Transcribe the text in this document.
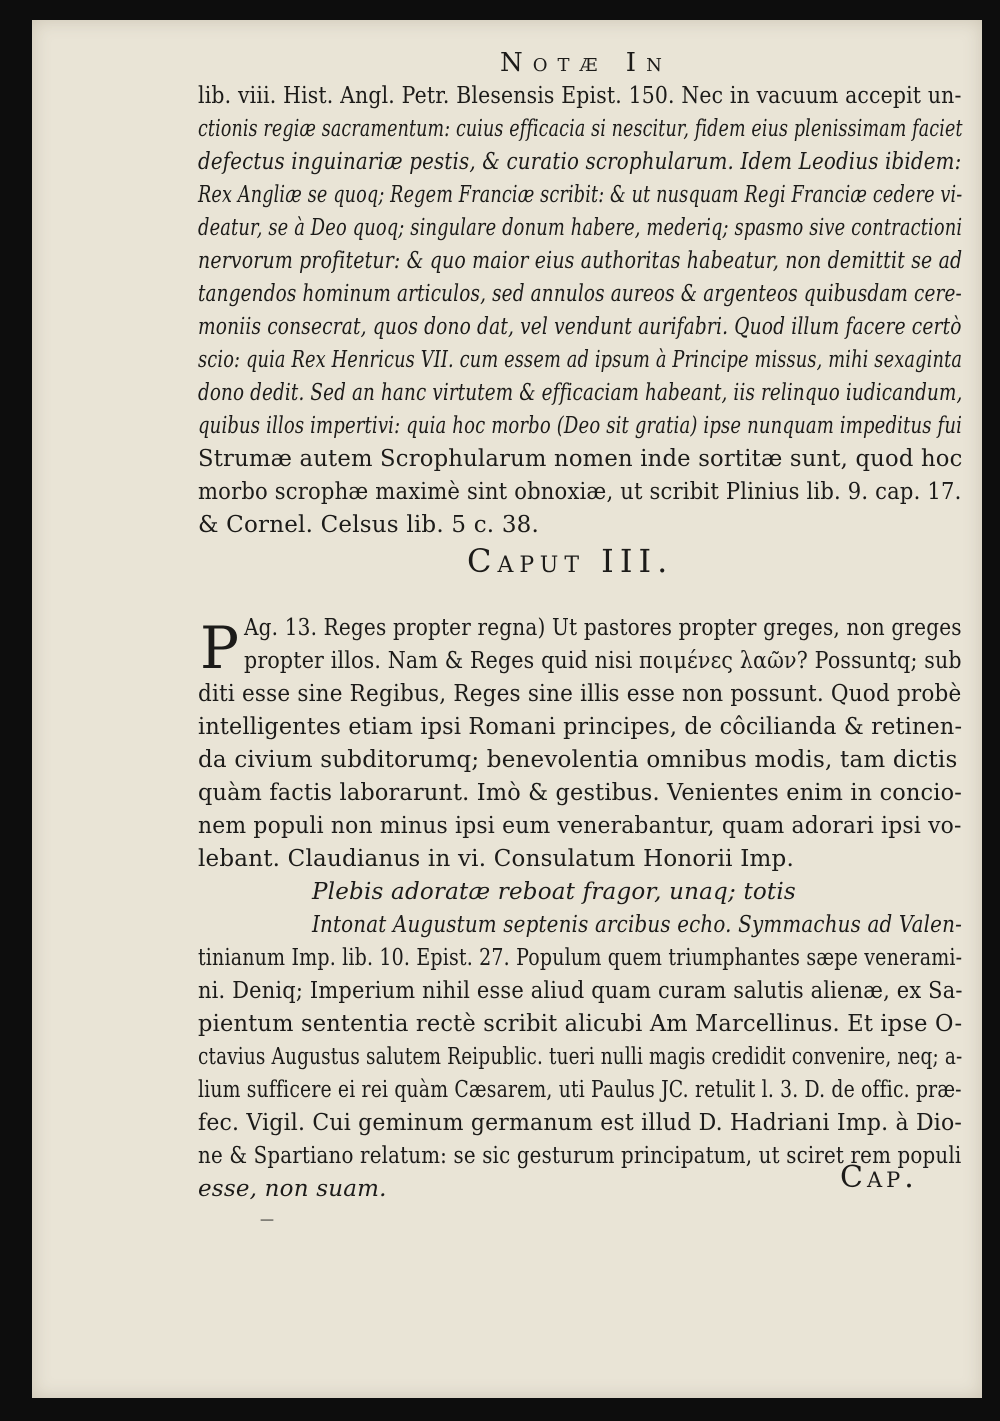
Notæ In
lib. viii. Hist. Angl. Petr. Blesensis Epist. 150. Nec in vacuum accepit un-
ctionis regiæ sacramentum: cuius efficacia si nescitur, fidem eius plenissimam faciet
defectus inguinariæ pestis, & curatio scrophularum. Idem Leodius ibidem:
Rex Angliæ se quoq; Regem Franciæ scribit: & ut nusquam Regi Franciæ cedere vi-
deatur, se à Deo quoq; singulare donum habere, mederiq; spasmo sive contractioni
nervorum profitetur: & quo maior eius authoritas habeatur, non demittit se ad
tangendos hominum articulos, sed annulos aureos & argenteos quibusdam cere-
moniis consecrat, quos dono dat, vel vendunt aurifabri. Quod illum facere certò
scio: quia Rex Henricus VII. cum essem ad ipsum à Principe missus, mihi sexaginta
dono dedit. Sed an hanc virtutem & efficaciam habeant, iis relinquo iudicandum,
quibus illos impertivi: quia hoc morbo (Deo sit gratia) ipse nunquam impeditus fui
Strumæ autem Scrophularum nomen inde sortitæ sunt, quod hoc
morbo scrophæ maximè sint obnoxiæ, ut scribit Plinius lib. 9. cap. 17.
& Cornel. Celsus lib. 5 c. 38.
Caput III.
P Ag. 13. Reges propter regna) Ut pastores propter greges, non greges
propter illos. Nam & Reges quid nisi ποιμένες λαῶν? Possuntq; sub
diti esse sine Regibus, Reges sine illis esse non possunt. Quod probè
intelligentes etiam ipsi Romani principes, de côcilianda & retinen-
da civium subditorumq; benevolentia omnibus modis, tam dictis
quàm factis laborarunt. Imò & gestibus. Venientes enim in concio-
nem populi non minus ipsi eum venerabantur, quam adorari ipsi vo-
lebant. Claudianus in vi. Consulatum Honorii Imp.
Plebis adoratæ reboat fragor, unaq; totis
Intonat Augustum septenis arcibus echo. Symmachus ad Valen-
tinianum Imp. lib. 10. Epist. 27. Populum quem triumphantes sæpe venerami-
ni. Deniq; Imperium nihil esse aliud quam curam salutis alienæ, ex Sa-
pientum sententia rectè scribit alicubi Am Marcellinus. Et ipse O-
ctavius Augustus salutem Reipublic. tueri nulli magis credidit convenire, neq; a-
lium sufficere ei rei quàm Cæsarem, uti Paulus JC. retulit l. 3. D. de offic. præ-
fec. Vigil. Cui geminum germanum est illud D. Hadriani Imp. à Dio-
ne & Spartiano relatum: se sic gesturum principatum, ut sciret rem populi
esse, non suam.	Cap.
—
